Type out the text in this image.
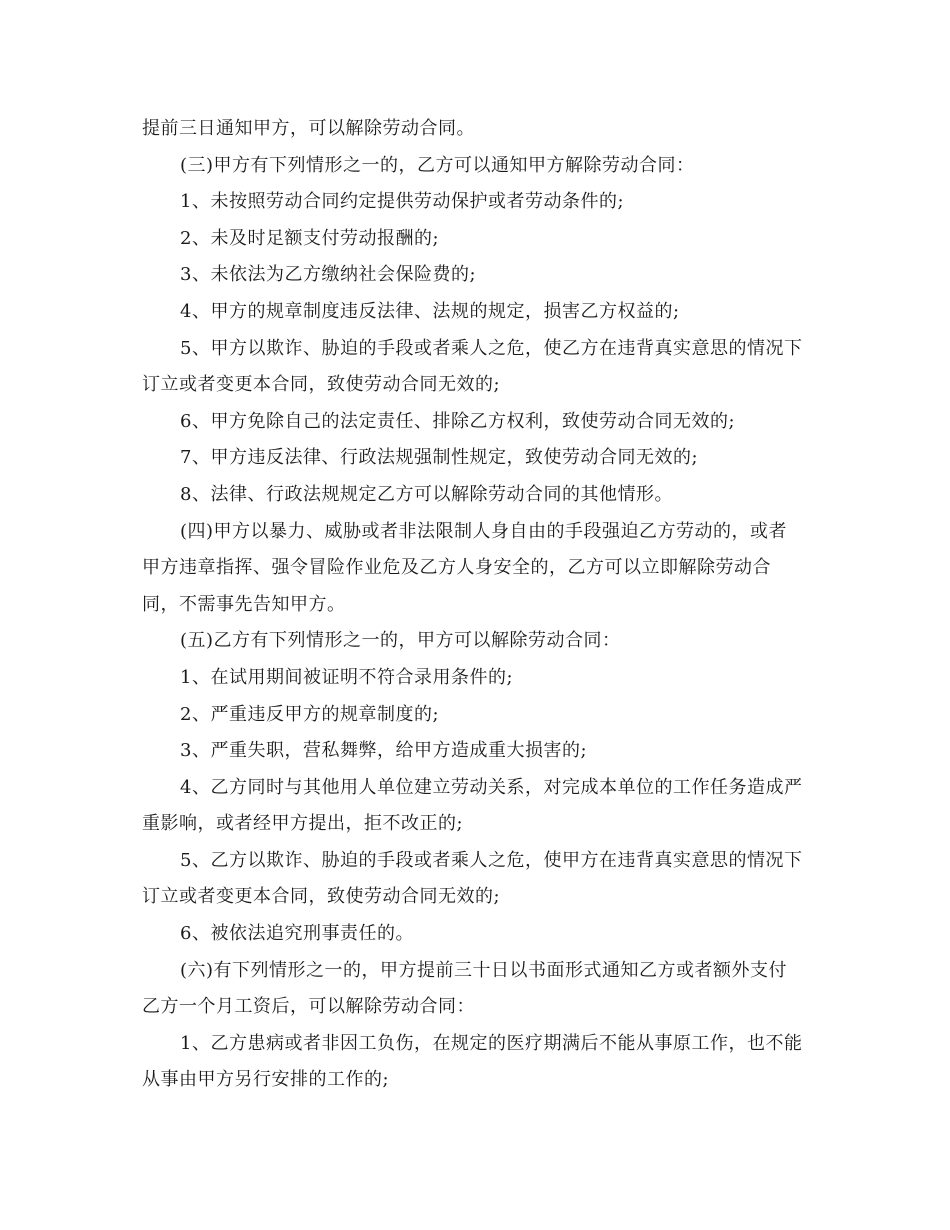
提前三日通知甲方，可以解除劳动合同。
(三)甲方有下列情形之一的，乙方可以通知甲方解除劳动合同：
1、未按照劳动合同约定提供劳动保护或者劳动条件的;
2、未及时足额支付劳动报酬的;
3、未依法为乙方缴纳社会保险费的;
4、甲方的规章制度违反法律、法规的规定，损害乙方权益的;
5、甲方以欺诈、胁迫的手段或者乘人之危，使乙方在违背真实意思的情况下
订立或者变更本合同，致使劳动合同无效的;
6、甲方免除自己的法定责任、排除乙方权利，致使劳动合同无效的;
7、甲方违反法律、行政法规强制性规定，致使劳动合同无效的;
8、法律、行政法规规定乙方可以解除劳动合同的其他情形。
(四)甲方以暴力、威胁或者非法限制人身自由的手段强迫乙方劳动的，或者
甲方违章指挥、强令冒险作业危及乙方人身安全的，乙方可以立即解除劳动合
同，不需事先告知甲方。
(五)乙方有下列情形之一的，甲方可以解除劳动合同：
1、在试用期间被证明不符合录用条件的;
2、严重违反甲方的规章制度的;
3、严重失职，营私舞弊，给甲方造成重大损害的;
4、乙方同时与其他用人单位建立劳动关系，对完成本单位的工作任务造成严
重影响，或者经甲方提出，拒不改正的;
5、乙方以欺诈、胁迫的手段或者乘人之危，使甲方在违背真实意思的情况下
订立或者变更本合同，致使劳动合同无效的;
6、被依法追究刑事责任的。
(六)有下列情形之一的，甲方提前三十日以书面形式通知乙方或者额外支付
乙方一个月工资后，可以解除劳动合同：
1、乙方患病或者非因工负伤，在规定的医疗期满后不能从事原工作，也不能
从事由甲方另行安排的工作的;
